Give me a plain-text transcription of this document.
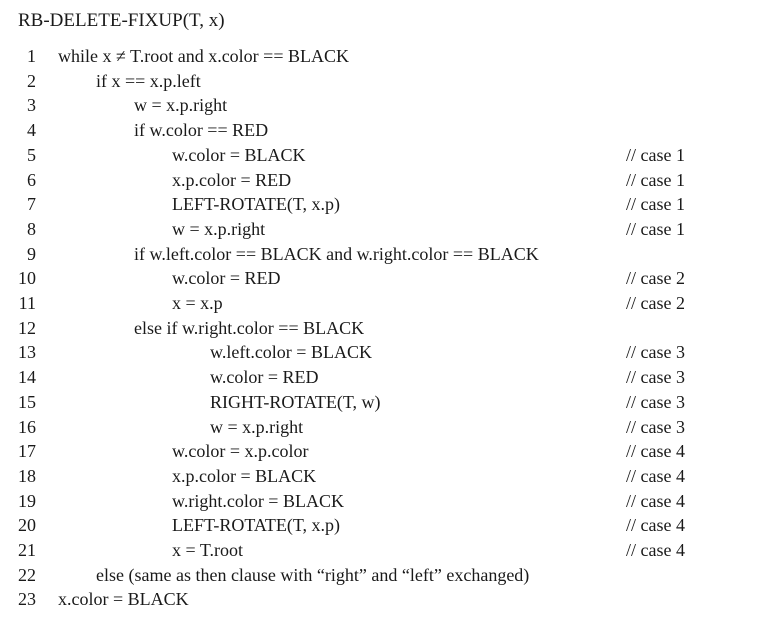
RB-DELETE-FIXUP(T, x)
1 while x ≠ T.root and x.color == BLACK
2	if x == x.p.left
3	w = x.p.right
4	if w.color == RED
5	w.color = BLACK	// case 1
6	x.p.color = RED	// case 1
7	LEFT-ROTATE(T, x.p)	// case 1
8	w = x.p.right	// case 1
9	if w.left.color == BLACK and w.right.color == BLACK
10	w.color = RED	// case 2
11	x = x.p	// case 2
12	else if w.right.color == BLACK
13	w.left.color = BLACK	// case 3
14	w.color = RED	// case 3
15	RIGHT-ROTATE(T, w)	// case 3
16	w = x.p.right	// case 3
17	w.color = x.p.color	// case 4
18	x.p.color = BLACK	// case 4
19	w.right.color = BLACK	// case 4
20	LEFT-ROTATE(T, x.p)	// case 4
21	x = T.root	// case 4
22	else (same as then clause with “right” and “left” exchanged)
23 x.color = BLACK
